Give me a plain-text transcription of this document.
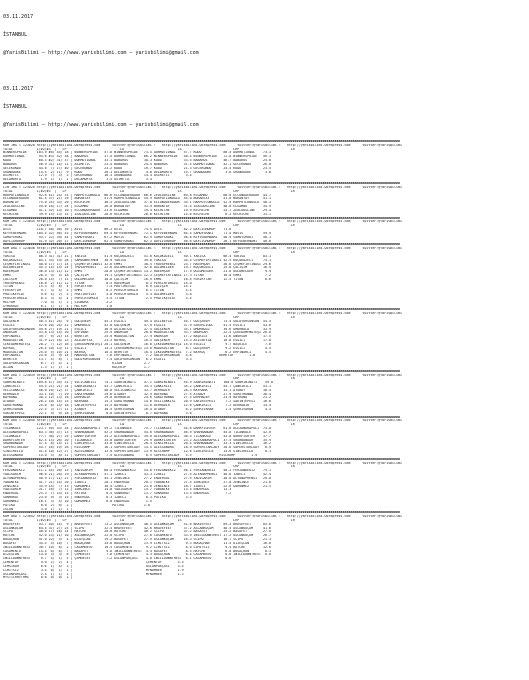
03.11.2017

İSTANBUL

@YarisBilimi — http://www.yarisbilimi.com — yarisbilimi@gmail.com

03.11.2017

İSTANBUL

@YarisBilimi — http://www.yarisbilimi.com — yarisbilimi@gmail.com

########################################################################################################################################################################################################
KUM 1MG = 123028 http://yarisbilimi.wordpress.com      twitter:@YarisBilimi :   http://yarisbilimi.wordpress.com      twitter:@YarisBilimi :   http://yarisbilimi.wordpress.com      twitter:@YarisBilimi
TOTAL            1/#2/#3  |   LP                           LA                           LS                          LRP                          LR
WINNERSPRIDE     103.9 #6/ 45/ 18 | WINNERSPRIDE   57.6 WINNERSPRIDE   73.5 DORMOTIONAL    57.7 KUDO           80.5 DORMOTIONAL    73.3
DORMOTIONAL       94.6 #3/ 42/ 38 | BABAROS        37.5 DORMOTIONAL    66.2 WINNERSPRIDE   48.5 WINNERSPRIDE   72.8 WINNERSPRIDE   56.3
KUDO              60.3 #2/ 31/ 37 | DORMOTIONAL    33.1 BABAROS        38.3 KUDO           33.5 BABAROS        46.7 BABAROS        25.8
BABAROS           56.9 31/ 14/ 11 | ASİMETİC       23.4 BABAROS        24.4 BABAROS        31.5 DORMOTIONAL    42.1 GECEKONDU      26.0
GECEKONDU         44.6  7/ 17/ 40 | GECEKONDU      23.2 KUDO           19.7 KUDO           21.3 GECEKONDU      24.5 KUDO           23.5
GRANDDUKE         14.5  2/ 11/  9 | KUDO           20.1 DELAMORTA       4.8 DELAMORTA      15.7 GRANDDUKE       3.6 GRANDDUKE       3.6
ASİMETİC          12.9  7/  3/  2 | GECEKONDU      16.3 GRANDDUKE      14.4 ASİMETİC        3.4
DELAMORTA          1.9  1/  1/  1 | DELAMORTA       3.5 ASİMETİC        3.4
########################################################################################################################################################################################################
CİM 1MG = 123028 http://yarisbilimi.wordpress.com      twitter:@YarisBilimi :   http://yarisbilimi.wordpress.com      twitter:@YarisBilimi :   http://yarisbilimi.wordpress.com      twitter:@YarisBilimi
TOTAL            1/#2/#3  |   LP                           LA                           LS                          LRP                          LR
HARPUTLUNOĞLU     92.6 41/ 25/ 31 | HARPUTLUNOĞLU  66.6 ELCONQUERADOR  66.6 ZEALOUSLINE    69.8 ELGAMBO        60.0 ELCONQUERADOR  44.7
ELCONQUERADOR     81.4 37/ 21/ 29 | BORANTAY       51.9 HARPUTLUNOĞLU  54.9 HARPUTLUNOĞLU  55.0 BORANTAY       51.0 BORANTAY       41.1
BORANTAY          75.0 24/ 33/ 20 | KECHICHE       38.5 ZEALOUSLINE    37.8 ELCONQUERADOR  35.1 HARPUTLUNOĞLU  52.9 HARPUTLUNOĞLU  40.3
ZEALOUSLINE       59.6 18/ 17/ 24 | ELGAMBO        26.0 BORANTAY       33.9 BORANTAY       31.4 ZEALOUSLINE    48.8 ELGAMBO        34.9
ELGAMBO           41.1 32/ 13/ 10 | ELCONQUERADOR  23.6 ELGAMBO        19.4 KECHICHE       19.9 KECHICHE       25.7 ZEALOUSLINE    29.4
KECHICHE          39.9 15/ 13/ 15 | ZEALOUSLINE    20.6 KECHICHE       20.6 KECHICHE       15.6 KECHICHE        6.2 KECHICHE       33.1
########################################################################################################################################################################################################
KUM 1MG = 123035 http://yarisbilimi.wordpress.com      twitter:@YarisBilimi :   http://yarisbilimi.wordpress.com      twitter:@YarisBilimi :   http://yarisbilimi.wordpress.com      twitter:@YarisBilimi
TOTAL            1/#2/#3  |   LP                           LA                           LS                          LRP                          LR
AVIS             110.7 48/ 30/ 39 | AVIS           86.2 AVIS           74.5 AVIS           82.2 DAYLIGHDROP    71.6
KEYVEBERNAMI     104.4 32/ 46/ 53 | KEYVEBERNAMI   69.4 KEYVEBERNAMI   72.1 KEYVEBERNAMI   64.4 SAMOYSRAKI     71.5 MAVIS          59.9
SAMOYSRAKI        93.7 22/ 39/ 44 | SAMOYSRAKI     67.2 MAVIS          62.9 SAMOYSRAKI     56.6 KEYVEBERNAMI   58.9 SAMOYSRAKI     56.1
DAYLIGHDROP       51.9 32/ 20/ 17 | DAYLIGHDROP    62.4 SAMOYSRAKI     62.3 DAYLIGHDROP    46.6 DAYLIGHDROP    26.1 KEYVEBERNAMI   40.0
########################################################################################################################################################################################################
KUM ARA = 123036 http://yarisbilimi.wordpress.com      twitter:@YarisBilimi :   http://yarisbilimi.wordpress.com      twitter:@YarisBilimi :   http://yarisbilimi.wordpress.com      twitter:@YarisBilimi
TOTAL            1/#2/#3  |   LP                           LA                           LS                          LRP                          LR
YAKISA            86.3 31/ 31/ 21 | YAKISA         51.9 KÜÇÜKÜZELİ     51.0 KÜÇÜKÜZELİ     50.1 YAKISA         66.4 YAKISA         83.1
KÜÇÜKÜZELİ        84.1 33/ 19/ 28 | SAMSONKEYMEN   30.9 YAKISA         39.0 YAKISA         34.4 CESMEFIRTINASI 42.5 KÜÇÜKÜZELİ     74.1
ÇEŞMEFIRTINASI    48.0 17/ 17/ 14 | ÇEŞMEFIRTINASI 32.6 EMMI           38.5 TRUVAPRENSI    23.7 HAEEMŞAH       26.6 ÇEŞMEFIRTINASI 29.6
OGLUMELDER        45.3 14/ 15/ 24 | TRUVAPRENSI    22.8 OGLUMELDER     32.6 OGLUMELDER     19.7 KÜÇÜKÜZELİ     25.6 ÇALIŞIM        16.9
HAEEMŞAH          36.0 13/ 11/ 12 | EMMI           20.0 ÇEŞMEFIRTINASI 13.2 HAEEMŞAH       17.9 OGLUMELDER     21.6 OGLUMELDER      9.9
EMMI              26.3  9/  5/ 18 | ÇALIŞIM        19.1 ÇEŞMEFIRTINASI 12.3 ÇEŞMEFIRTINASI 17.3 TITAN          16.0 EMMI            7.2
ÇALIŞIM           26.0 14/  7/ 11 | OGLUMELDER     18.8 ÇALIŞIM        10.9 EMMI           16.4 FERIKYTAH      12.5 TITAN           6.6
TRUVAPRENSI       16.0  2/ 11/ 12 | TITAN           8.5 HAEEMŞAH        8.3 PERSCHTOHGLU   14.0
TITAN             15.3  4/  6/  4 | FERIKYTAH       7.4 PRATIKEVIAT     6.9 ÇALIŞIM        14.1
FERIKYTAH          9.7  3/  4/  5 | EMMI            6.2 PERSCHTOHGLU    6.1 TITAN           4.4
PRATIKEVIAT        9.6  4/  2/  5 | PRATIKEVIAT     5.8 PERSCHTOHGLU    5.4 OGLUMELDER      3.8
PERSCHTOHGLU       8.3  3/  4/  4 | PERSCHTOHGLU    3.5 TITAN           2.5 PRATIKEVIAT     3.4
HELYUM             7.0  5/  1/  2 | SIGNORA         2.2
GYMORRAY           6.1  1/  1/  4 | HELYUM          1.0
########################################################################################################################################################################################################
KUM ARA = 123038 http://yarisbilimi.wordpress.com      twitter:@YarisBilimi :   http://yarisbilimi.wordpress.com      twitter:@YarisBilimi :   http://yarisbilimi.wordpress.com      twitter:@YarisBilimi
TOTAL            1/#2/#3  |   LP                           LA                           LS                          LRP                          LR
GULŞENİM          58.3 41/ 24/  9 | GULŞENİM       45.1 ESGİLİ         49.4 ASİLBEYZA      54.7 GULŞENİM       73.4 GÜLÜYORSUNSUN  54.5
ESGİLİ            52.6 26/ 24/ 22 | ÖMÜRBOLÜ       42.0 GULŞENİM       47.9 ESGİLİ         37.9 SEKERLİGÖL     41.5 ESGİLİ         43.0
GÜLÜYORSUNSUNDÜR  49.6 27/ 19/ 21 | ESGİLİ         36.9 ASİLBEYZA      37.5 GULŞENİM       35.1 ÖMÜRBOLÜ       39.6 ÖMÜRBOLÜ       33.9
ONURSAH           43.8 13/ 14/ 20 | ERPİNAR        25.9 ONURSAH        28.8 MADOSULTAN     33.7 ONURSAH        22.4 ÇEKEDÖMEMATEŞİ 26.0
ERPİNARLI         39.7  9/ 21/ 15 | BERKTİR        25.9 MADOSULTAN     27.9 ONURSAH        17.2 BAŞKİLE        11.6 ONURSAH        17.5
MADOSULTAN        31.9 12/ 16/ 13 | ASİLBEYZA      23.3 BAYKOÇ         16.5 GULŞENİM       15.3 ASİLBEYZA      10.8 ESGİLİ         17.0
ÇEKEDÖMEMATEŞİ    28.2  7/ 12/ 16 | ÇEKEDÖMEMATEŞİ 20.1 GULŞENİM       16.0 ÇEKEDÖMEMATEŞİ 15.0 ESGİLİ          9.7 BAŞKİLE         7.6
BAYKOÇ            26.4 10/ 13/ 11 | ESGİLİ         14.3 ÇEKEDÖMEMATEŞİ 13.8 MADOSULTAN      8.7 GULŞENİM        9.2 ESGİLİ          4.5
MADOSULTAN        25.0  5/ 10/ 21 | BAYKOÇ         10.5 BERKTİR        10.4 ÇEKEDÖMEMATEŞİ  7.2 BAYKOÇ          6.2 ERPİNARLI       4.5
ERPİNARLI         24.6  5/  9/ 14 | MADOSULTAN      7.6 ERPİNARLI       7.2 GÜLÜYORSUNSUN   4.6              BERKTİR        1.6
BERKTİR           13.7  4/  6/  7 | GÜLÜYORSUNSUN   7.4 GÜLÜYORSUNSUN   6.2 ESGİLİ          3.3
GÜLÜYORSUNSUN      8.7  2/  4/  2 |                    KIJAN           2.7
BİJAN              1.3  1/  1/  1 |                    KAÇERİP         1.7
########################################################################################################################################################################################################
KUM ARA = 123039 http://yarisbilimi.wordpress.com      twitter:@YarisBilimi :   http://yarisbilimi.wordpress.com      twitter:@YarisBilimi :   http://yarisbilimi.wordpress.com      twitter:@YarisBilimi
TOTAL            1/#2/#3  |   LP                           LA                           LS                          LRP                          LR
SABRİNİNATI      109.8 47/ 34/ 31 | VELİCANKİSİ    74.1 SABRİNİNATI    47.1 SABRİNİNATI    54.9 SABRİNİNATI    100.0 SABRİNİNATI    59.0
ÇANKIRILI         59.5 21/ 21/ 14 | SABRİNİNATI    53.7 ÇANKIRILI      34.3 ÇANKIRILI      34.2 ÇANKIRILI      54.7 ÇANKIRILI      53.1
VELİCANKİSİ       56.0 16/ 12/ 37 | ÇANKIRILI      48.0 VELİCANKİSİ    33.7 DERHADIR       28.3 BAYRANA        33.1 ATABOY         30.4
DERHADIR          33.1 10/  7/ 29 | SARATHONNA     29.6 ATABOY         32.9 BAYRANA        27.5 ATABOY         27.9 SARATHONNA     30.4
BAYRANA           30.3 12/ 13/ 16 | DERHADIR       29.0 DERHADIR       24.6 SARATHONNA     27.5 DERHADIR       23.9 BAYRANA        21.2
ATABOY            28.2 10/ 14/ 15 | BAYRANA        15.3 SARATHONNA     14.6 VELİCANKİSİ    20.9 SAKİNTEPESİ     7.2 SAKİNTEPESİ    16.6
SARATHONNA        25.0  8/ 14/ 18 | SAKİNTEPESİ    14.5 BAYRANA        11.0 DERHADIR       12.6 ÇANKIRILI       7.2 DERHADIR       14.4
ŞEHRIVARAN        22.5  3/ 17/ 11 | ATABOY         10.5 ŞEHRIVARAN     10.4 ATABOY          6.2 ŞEHRIVARAN      1.5 ŞEHRIVARAN      4.5
SAKİNTEPESİ       22.1  9/  9/ 18 | ŞEHRIVARAN      8.8 SAKİNTEPESİ     8.7 BAYRANA         3.6
########################################################################################################################################################################################################
KUM ARA = 123040 http://yarisbilimi.wordpress.com      twitter:@YarisBilimi :   http://yarisbilimi.wordpress.com      twitter:@YarisBilimi :   http://yarisbilimi.wordpress.com      twitter:@YarisBilimi
TOTAL            1/#2/#3  |   LP                           LA                           LS                          LRP                          LR
TILANKALE        123.7 50/ 33/ 35 | ALEXANDRAPOLI  59.2 TILANKALE      75.7 TILANKALE      54.6 DARKFIGHTER    61.8 ALEXANDRAPOLI  75.0
ALEXANDRAPOLI     83.3 36/ 37/ 13 | SHAHBANDAR     52.3 SHAHBANDAR     54.6 SHAHBANDAR     46.9 SHAHBANDAR     44.8 TILANKALE      42.0
TILANKALE         77.7 36/ 27/ 25 | DARKFIGHTER    34.2 ALEXANDRAPOLI  39.0 ALEXANDRAPOLI  38.5 TILANKALE      43.0 DARKFIGHTER    37.7
DARKFIGHTER       62.4 15/ 26/ 20 | TILANKALE      34.0 DARKFIGHTER    29.9 DARKFIGHTER    23.2 ALEXANDRAPOLI  37.5 SHAHBANDAR     35.9
SHAHBANDAR        57.4  8/ 14/ 11 | SINSIRELLA     33.8 SINSIRELLA     28.4 SINSIRELLA     20.4 SHAHBANDAR     33.3 SINSIRELLA     16.2
SUPERSTARLADY     54.7 16/ 19/ 28 | RISCHAMP       16.1 SUPERSTARLADY  14.5 ALESSANDRA     18.9 SUPERSTARLADY  20.6 SUPERSTARLADY   8.9
SINSIRELLA        51.4 10/ 12/ 27 | ALESSANDRA     13.9 SUPERSTARLADY  13.9 RISCHAMP       12.6 SINSIRELLA     14.6 SINSIRELLA      8.1
ALESSANDRA        14.0  5/  8/ 11 | SUPERSTARLADY   7.5 ALESSANDRA      6.5 SUPERSTARLADY   4.5              RISCHAMP        1.9
########################################################################################################################################################################################################
KUM ARA = 123041 http://yarisbilimi.wordpress.com      twitter:@YarisBilimi :   http://yarisbilimi.wordpress.com      twitter:@YarisBilimi :   http://yarisbilimi.wordpress.com      twitter:@YarisBilimi
TOTAL            1/#2/#3  |   LP                           LA                           LS                          LRP                          LR
FERZANDEKIZ      111.1 45/ 26/ 15 | YADIGARIM      68.4 FERZANDEKIZ    54.0 FERZANDEKIZ    56.1 FERZANDEKIZ    50.2 FERZANDEKIZ    75.1
YADIGARIM         96.6 21/ 26/ 19 | ALYANAPRENSI   47.1 İZBELİ         43.3 İZBELİ         27.5 ALYANAPRENSI   48.6 İZBELİ         42.4
ALYANAPRENSI      48.9 17/ 11/ 21 | FERZANDEKIZ    45.1 ZENGİNCE       27.2 ENDERGÜL       27.5 YADIGARIM      38.0 ALYANAPRENSI   29.8
YABANIKE          41.7 21/ 14/ 20 | İZBELİ         28.1 ENDERGÜL       28.1 YABANIKE       27.5 ZENGİNCE       27.8 ZENGİNCE       21.6
ZENGİNCE          35.9 14/  7/ 13 | GÖRÜNMEZ       18.5 İZBELİ         23.0 ZENGİNCE       18.7 İZBELİ         22.6 GÖRÜNMEZ       21.5
YADIGARIM         31.7 16/  7/ 11 | ZENGİNCE       14.0 YADIGARIM      14.7 YABANIKE       13.5 ENDERGÜL       13.3
ENDERGÜL          25.3  7/ 15/ 15 | PATIKA          8.5 SONHURAT       13.7 SONHURAT       13.3 ENDERGÜL        7.2
SONHURAT          23.0  9/  3/ 15 | ENDERGÜL        6.3 İZBELİ          8.3 PATIKA          3.3
GÖRÜNMEZ          16.1  3/  4/ 10 | GÖRÜNMEZ        6.0 ENDERGÜL        1.5
PATIKA             6.0  2/  0/  2 |                    PATIKA          1.0
İSLAN              3.0  1/  1/  1 |
########################################################################################################################################################################################################
KUM ARA = 123042 http://yarisbilimi.wordpress.com      twitter:@YarisBilimi :   http://yarisbilimi.wordpress.com      twitter:@YarisBilimi :   http://yarisbilimi.wordpress.com      twitter:@YarisBilimi
TOTAL            1/#2/#3  |   LP                           LA                           LS                          LRP                          LR
BRAVEFEET         93.7 40/ 14/  9 | BRAVEFEET      73.2 ASLANKOÇUM     46.5 ASLANKOÇUM     51.6 BRAVEFEET      89.3 BRAVEFEET      85.6
ASLANKOÇUM        64.5 37/ 27/ 25 | SCIPO          32.5 BRAVEFEET      42.8 BRAVEFEET      37.2 ASLANKOÇUM     48.5 ASLANKOÇUM     41.6
SCIPO             48.0 17/ 16/ 14 | HATCHE         28.0 HATCHE         40.2 SCIPO          37.2 BASAFET        25.2 BASAFET        27.0
HATCHE            42.0 23/ 11/ 10 | ASLANKOÇUM     22.0 SCIPO          27.0 CASAMENTO      33.9 IWILLDOWNTHEST 17.2 ASLANKOÇUM     26.7
BOĞAÇHAN          41.0 22/  5/  4 | DİZEŞLAN       19.2 BASAFET        27.5 ASLANKOÇUM     16.3 SCIPO          16.7 SCIPO          21.3
BASAFET           34.5  5/ 10/  7 | BOĞAÇHAN       14.8 BOĞAÇHAN       13.9 LİMITSİZ        9.3 BOĞAÇHAN       11.5 DİZEŞLAN       16.8
IWILLDOWNTHEST    30.7 10/  8/  2 | CASAMENTO      10.5 CASAMENTO       9.2 LİMITSİZ        8.9 LİMITSİZ        9.5 HATCHE         12.6
CASAMENTO         14.4  6/  6/  7 | BASAFET         9.6 IWILLDOWNTHEST  4.4 BASAFET         8.5 HATCHE          6.0 BOĞAÇHAN        8.3
DİZEŞLAN          14.0  3/  3/  6 | ÇEMENTAY        7.6 ÇEMENTAY        4.3 BOĞAÇHAN        6.4 CASAMENTO       6.6 IWILLDOWNTHEST  6.8
IWILLDOWNTHEST     9.7  4/  1/  5 | ÇEMENTAY        7.2 ASLANPARÇASI    4.0 IWILLDOWNTHEST  6.1 CASAMENTO       6.6
ÇEMENTAY           9.0  2/  2/  4 |                                     ÇEMENTAY        4.5
CEMSIRAH           6.6  1/  4/  3 |                                     ASLANPARÇASI    3.5
LİMITSİZ           3.4  0/  1/  1 |                                     MYNUMBER        1.9
ASLANPARÇASI       2.4  1/  1/  1 |                                     MYNUMBER        1.3
MYSTICRHYTHMS      0.6  0/  0/  1 |
